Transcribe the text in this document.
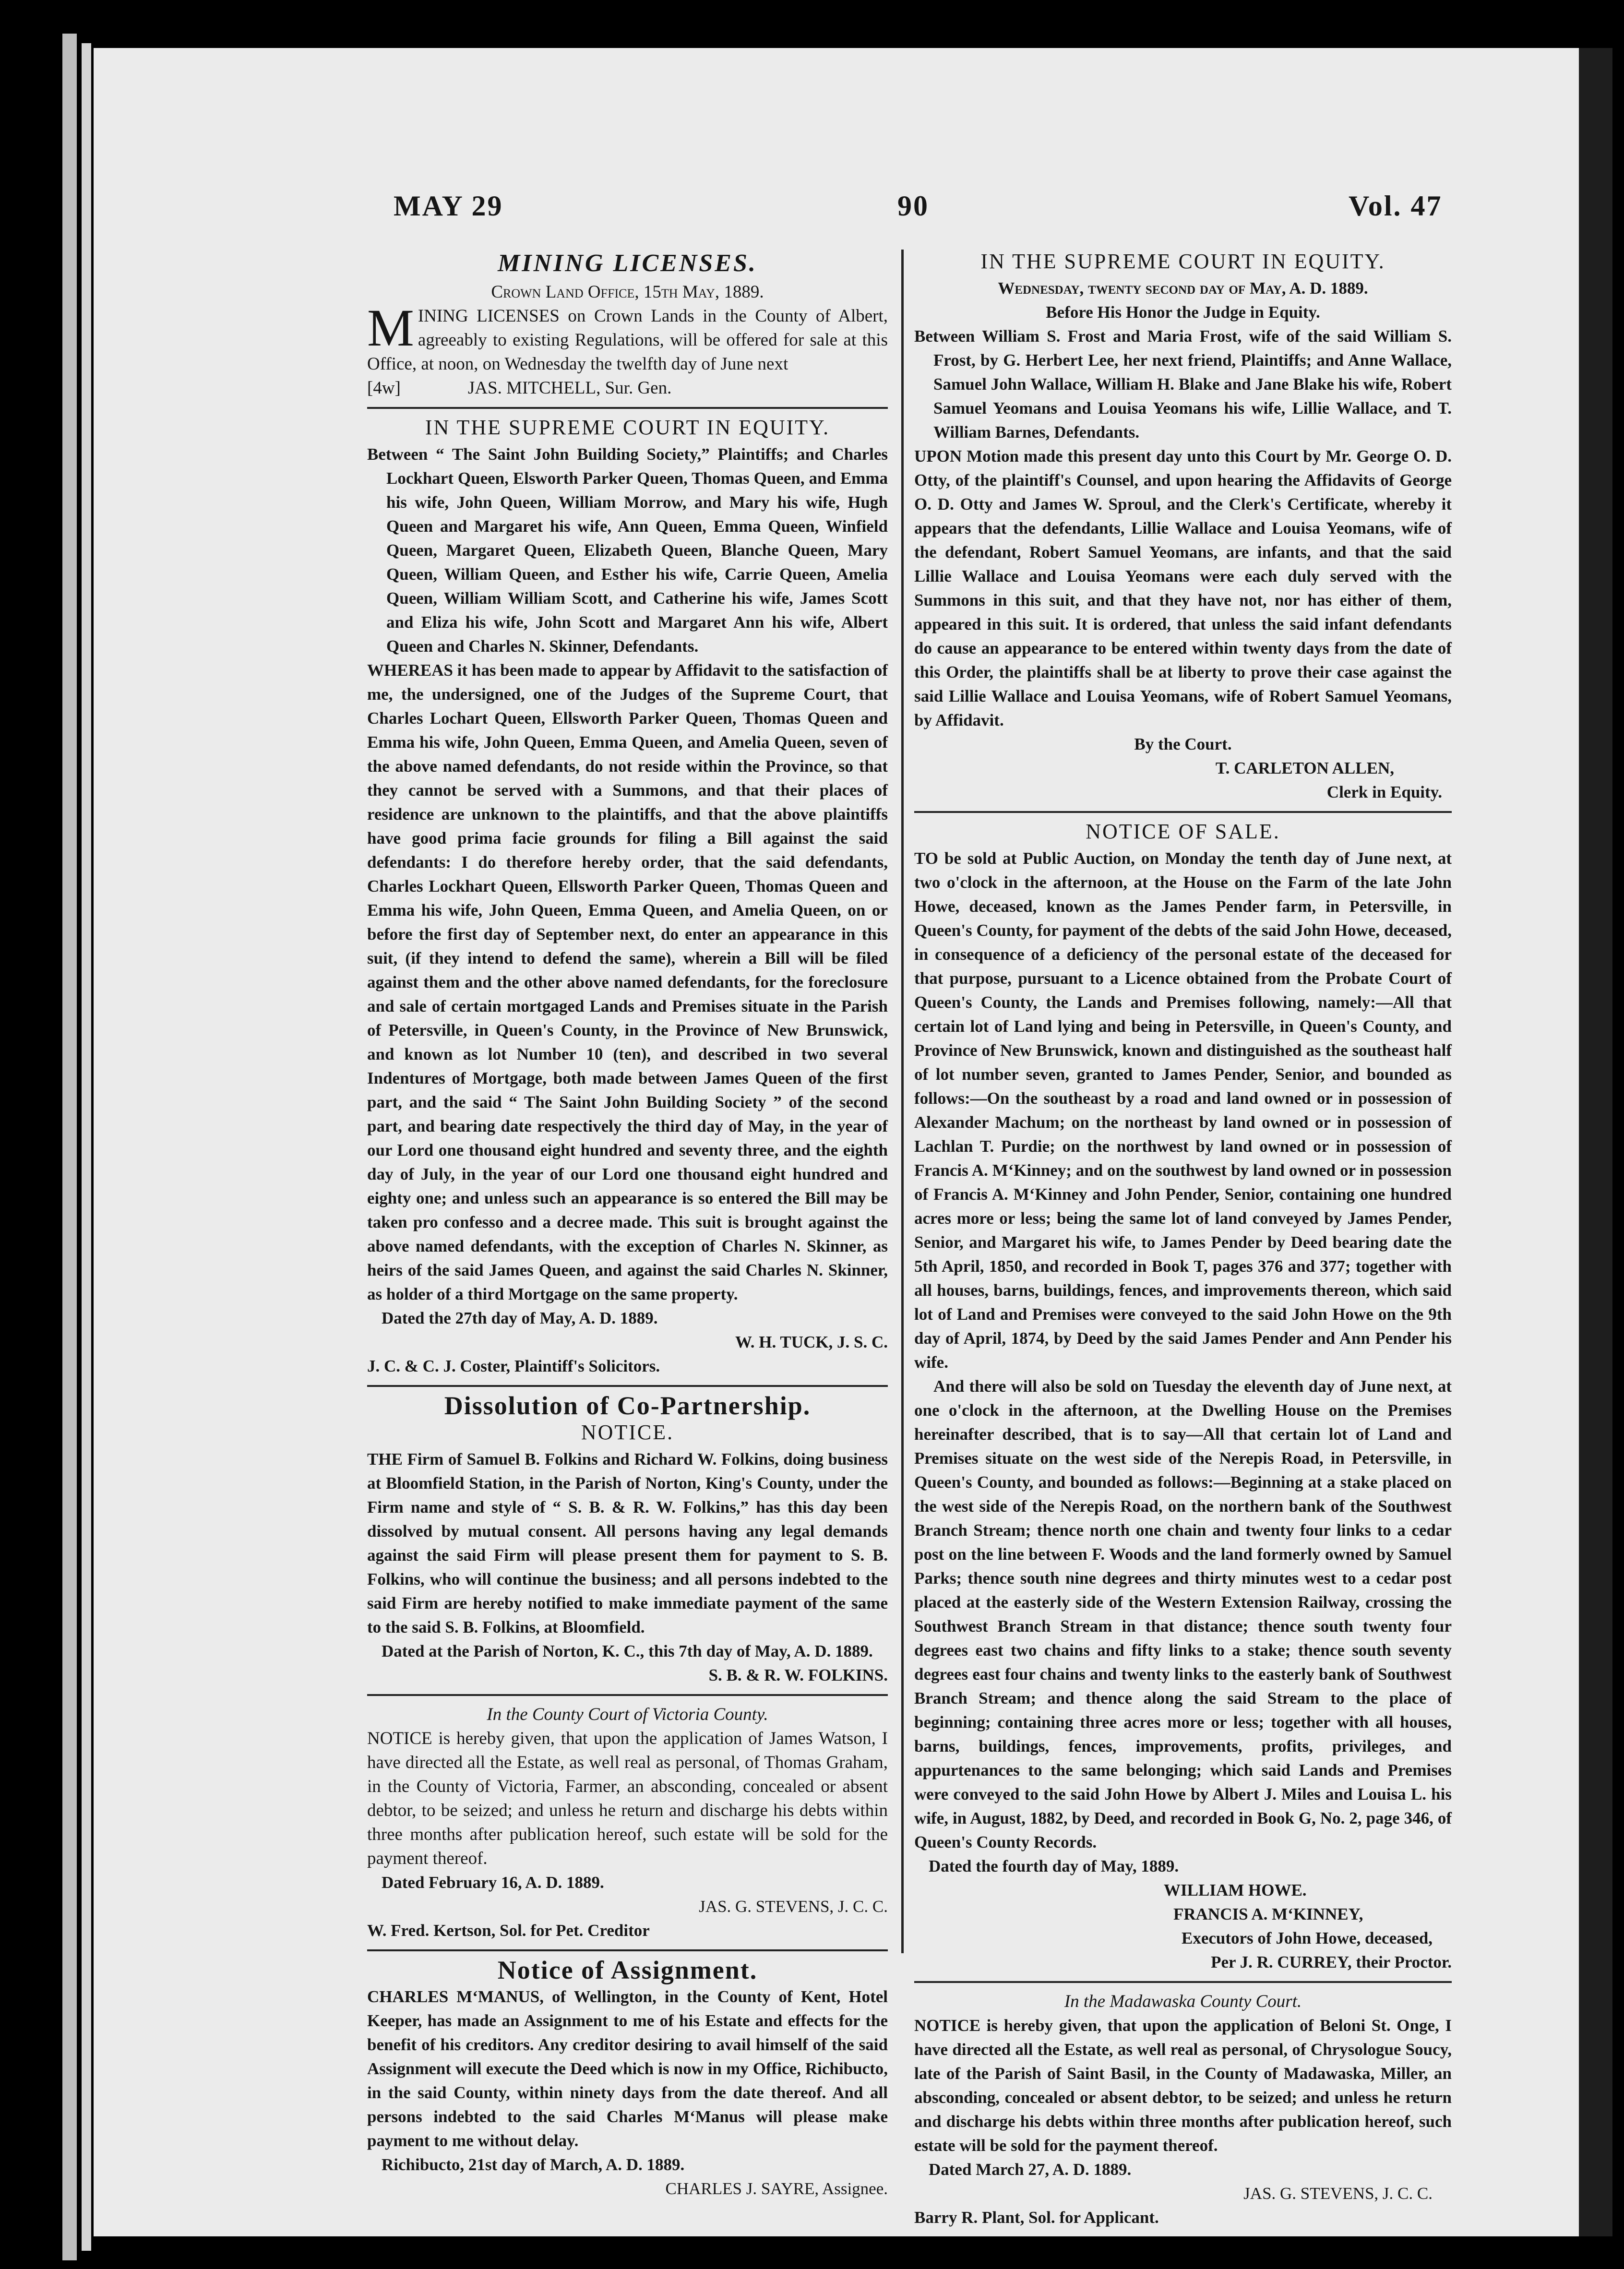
MAY 29	90	Vol. 47
MINING LICENSES.

Crown Land Office, 15th May, 1889.

MINING LICENSES on Crown Lands in the County of Albert, agreeably to existing Regulations, will be offered for sale at this Office, at noon, on Wednesday the twelfth day of June next

[4w]	JAS. MITCHELL, Sur. Gen.

IN THE SUPREME COURT IN EQUITY.

Between “ The Saint John Building Society,” Plaintiffs; and Charles Lockhart Queen, Elsworth Parker Queen, Thomas Queen, and Emma his wife, John Queen, William Morrow, and Mary his wife, Hugh Queen and Margaret his wife, Ann Queen, Emma Queen, Winfield Queen, Margaret Queen, Elizabeth Queen, Blanche Queen, Mary Queen, William Queen, and Esther his wife, Carrie Queen, Amelia Queen, William William Scott, and Catherine his wife, James Scott and Eliza his wife, John Scott and Margaret Ann his wife, Albert Queen and Charles N. Skinner, Defendants.

WHEREAS it has been made to appear by Affidavit to the satisfaction of me, the undersigned, one of the Judges of the Supreme Court, that Charles Lochart Queen, Ellsworth Parker Queen, Thomas Queen and Emma his wife, John Queen, Emma Queen, and Amelia Queen, seven of the above named defendants, do not reside within the Province, so that they cannot be served with a Summons, and that their places of residence are unknown to the plaintiffs, and that the above plaintiffs have good prima facie grounds for filing a Bill against the said defendants: I do therefore hereby order, that the said defendants, Charles Lockhart Queen, Ellsworth Parker Queen, Thomas Queen and Emma his wife, John Queen, Emma Queen, and Amelia Queen, on or before the first day of September next, do enter an appearance in this suit, (if they intend to defend the same), wherein a Bill will be filed against them and the other above named defendants, for the foreclosure and sale of certain mortgaged Lands and Premises situate in the Parish of Petersville, in Queen's County, in the Province of New Brunswick, and known as lot Number 10 (ten), and described in two several Indentures of Mortgage, both made between James Queen of the first part, and the said “ The Saint John Building Society ” of the second part, and bearing date respectively the third day of May, in the year of our Lord one thousand eight hundred and seventy three, and the eighth day of July, in the year of our Lord one thousand eight hundred and eighty one; and unless such an appearance is so entered the Bill may be taken pro confesso and a decree made. This suit is brought against the above named defendants, with the exception of Charles N. Skinner, as heirs of the said James Queen, and against the said Charles N. Skinner, as holder of a third Mortgage on the same property.

Dated the 27th day of May, A. D. 1889.

W. H. TUCK, J. S. C.

J. C. & C. J. Coster, Plaintiff's Solicitors.

Dissolution of Co-Partnership.
NOTICE.

THE Firm of Samuel B. Folkins and Richard W. Folkins, doing business at Bloomfield Station, in the Parish of Norton, King's County, under the Firm name and style of “ S. B. & R. W. Folkins,” has this day been dissolved by mutual consent. All persons having any legal demands against the said Firm will please present them for payment to S. B. Folkins, who will continue the business; and all persons indebted to the said Firm are hereby notified to make immediate payment of the same to the said S. B. Folkins, at Bloomfield.

Dated at the Parish of Norton, K. C., this 7th day of May, A. D. 1889.

S. B. & R. W. FOLKINS.

In the County Court of Victoria County.

NOTICE is hereby given, that upon the application of James Watson, I have directed all the Estate, as well real as personal, of Thomas Graham, in the County of Victoria, Farmer, an absconding, concealed or absent debtor, to be seized; and unless he return and discharge his debts within three months after publication hereof, such estate will be sold for the payment thereof.

Dated February 16, A. D. 1889.

JAS. G. STEVENS, J. C. C.

W. Fred. Kertson, Sol. for Pet. Creditor

Notice of Assignment.

CHARLES M‘MANUS, of Wellington, in the County of Kent, Hotel Keeper, has made an Assignment to me of his Estate and effects for the benefit of his creditors. Any creditor desiring to avail himself of the said Assignment will execute the Deed which is now in my Office, Richibucto, in the said County, within ninety days from the date thereof. And all persons indebted to the said Charles M‘Manus will please make payment to me without delay.

Richibucto, 21st day of March, A. D. 1889.

CHARLES J. SAYRE, Assignee.

IN THE SUPREME COURT IN EQUITY.

Wednesday, twenty second day of May, A. D. 1889.

Before His Honor the Judge in Equity.

Between William S. Frost and Maria Frost, wife of the said William S. Frost, by G. Herbert Lee, her next friend, Plaintiffs; and Anne Wallace, Samuel John Wallace, William H. Blake and Jane Blake his wife, Robert Samuel Yeomans and Louisa Yeomans his wife, Lillie Wallace, and T. William Barnes, Defendants.

UPON Motion made this present day unto this Court by Mr. George O. D. Otty, of the plaintiff's Counsel, and upon hearing the Affidavits of George O. D. Otty and James W. Sproul, and the Clerk's Certificate, whereby it appears that the defendants, Lillie Wallace and Louisa Yeomans, wife of the defendant, Robert Samuel Yeomans, are infants, and that the said Lillie Wallace and Louisa Yeomans were each duly served with the Summons in this suit, and that they have not, nor has either of them, appeared in this suit. It is ordered, that unless the said infant defendants do cause an appearance to be entered within twenty days from the date of this Order, the plaintiffs shall be at liberty to prove their case against the said Lillie Wallace and Louisa Yeomans, wife of Robert Samuel Yeomans, by Affidavit.

By the Court.

T. CARLETON ALLEN,

Clerk in Equity.

NOTICE OF SALE.

TO be sold at Public Auction, on Monday the tenth day of June next, at two o'clock in the afternoon, at the House on the Farm of the late John Howe, deceased, known as the James Pender farm, in Petersville, in Queen's County, for payment of the debts of the said John Howe, deceased, in consequence of a deficiency of the personal estate of the deceased for that purpose, pursuant to a Licence obtained from the Probate Court of Queen's County, the Lands and Premises following, namely:—All that certain lot of Land lying and being in Petersville, in Queen's County, and Province of New Brunswick, known and distinguished as the southeast half of lot number seven, granted to James Pender, Senior, and bounded as follows:—On the southeast by a road and land owned or in possession of Alexander Machum; on the northeast by land owned or in possession of Lachlan T. Purdie; on the northwest by land owned or in possession of Francis A. M‘Kinney; and on the southwest by land owned or in possession of Francis A. M‘Kinney and John Pender, Senior, containing one hundred acres more or less; being the same lot of land conveyed by James Pender, Senior, and Margaret his wife, to James Pender by Deed bearing date the 5th April, 1850, and recorded in Book T, pages 376 and 377; together with all houses, barns, buildings, fences, and improvements thereon, which said lot of Land and Premises were conveyed to the said John Howe on the 9th day of April, 1874, by Deed by the said James Pender and Ann Pender his wife.

And there will also be sold on Tuesday the eleventh day of June next, at one o'clock in the afternoon, at the Dwelling House on the Premises hereinafter described, that is to say—All that certain lot of Land and Premises situate on the west side of the Nerepis Road, in Petersville, in Queen's County, and bounded as follows:—Beginning at a stake placed on the west side of the Nerepis Road, on the northern bank of the Southwest Branch Stream; thence north one chain and twenty four links to a cedar post on the line between F. Woods and the land formerly owned by Samuel Parks; thence south nine degrees and thirty minutes west to a cedar post placed at the easterly side of the Western Extension Railway, crossing the Southwest Branch Stream in that distance; thence south twenty four degrees east two chains and fifty links to a stake; thence south seventy degrees east four chains and twenty links to the easterly bank of Southwest Branch Stream; and thence along the said Stream to the place of beginning; containing three acres more or less; together with all houses, barns, buildings, fences, improvements, profits, privileges, and appurtenances to the same belonging; which said Lands and Premises were conveyed to the said John Howe by Albert J. Miles and Louisa L. his wife, in August, 1882, by Deed, and recorded in Book G, No. 2, page 346, of Queen's County Records.

Dated the fourth day of May, 1889.

WILLIAM HOWE.

FRANCIS A. M‘KINNEY,

Executors of John Howe, deceased,

Per J. R. CURREY, their Proctor.

In the Madawaska County Court.

NOTICE is hereby given, that upon the application of Beloni St. Onge, I have directed all the Estate, as well real as personal, of Chrysologue Soucy, late of the Parish of Saint Basil, in the County of Madawaska, Miller, an absconding, concealed or absent debtor, to be seized; and unless he return and discharge his debts within three months after publication hereof, such estate will be sold for the payment thereof.

Dated March 27, A. D. 1889.

JAS. G. STEVENS, J. C. C.

Barry R. Plant, Sol. for Applicant.
